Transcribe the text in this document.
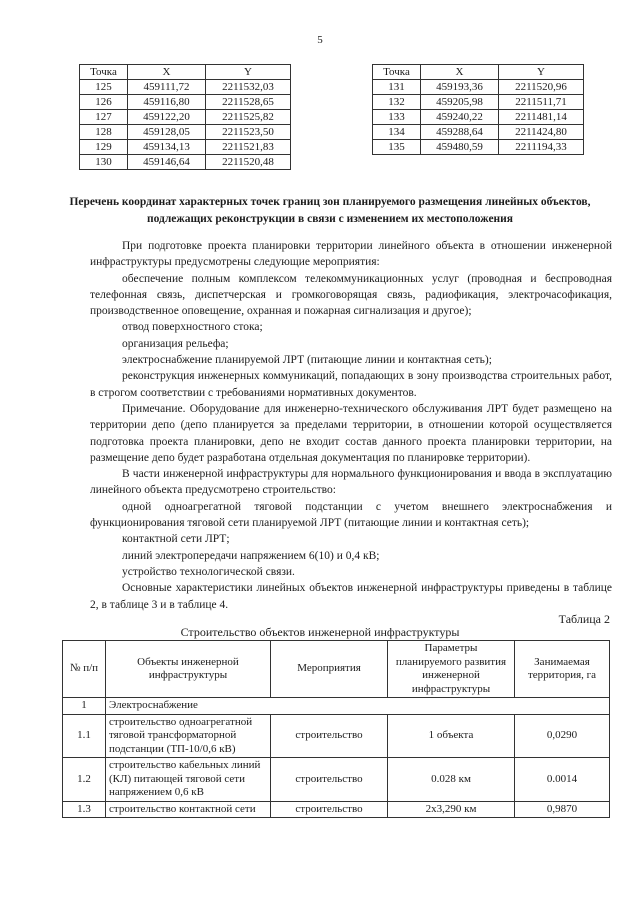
5
Точка	X	Y
125	459111,72	2211532,03
126	459116,80	2211528,65
127	459122,20	2211525,82
128	459128,05	2211523,50
129	459134,13	2211521,83
130	459146,64	2211520,48
Точка	X	Y
131	459193,36	2211520,96
132	459205,98	2211511,71
133	459240,22	2211481,14
134	459288,64	2211424,80
135	459480,59	2211194,33
Перечень координат характерных точек границ зон планируемого размещения линейных объектов, подлежащих реконструкции в связи с изменением их местоположения

При подготовке проекта планировки территории линейного объекта в отношении инженерной инфраструктуры предусмотрены следующие мероприятия:

обеспечение полным комплексом телекоммуникационных услуг (проводная и беспроводная телефонная связь, диспетчерская и громкоговорящая связь, радиофикация, электрочасофикация, производственное оповещение, охранная и пожарная сигнализация и другое);

отвод поверхностного стока;

организация рельефа;

электроснабжение планируемой ЛРТ (питающие линии и контактная сеть);

реконструкция инженерных коммуникаций, попадающих в зону производства строительных работ, в строгом соответствии с требованиями нормативных документов.

Примечание. Оборудование для инженерно-технического обслуживания ЛРТ будет размещено на территории депо (депо планируется за пределами территории, в отношении которой осуществляется подготовка проекта планировки, депо не входит состав данного проекта планировки территории, на размещение депо будет разработана отдельная документация по планировке территории).

В части инженерной инфраструктуры для нормального функционирования и ввода в эксплуатацию линейного объекта предусмотрено строительство:

одной одноагрегатной тяговой подстанции с учетом внешнего электроснабжения и функционирования тяговой сети планируемой ЛРТ (питающие линии и контактная сеть);

контактной сети ЛРТ;

линий электропередачи напряжением 6(10) и 0,4 кВ;

устройство технологической связи.

Основные характеристики линейных объектов инженерной инфраструктуры приведены в таблице 2, в таблице 3 и в таблице 4.

Таблица 2
Строительство объектов инженерной инфраструктуры
№ п/п	Объекты инженерной инфраструктуры	Мероприятия	Параметры планируемого развития инженерной инфраструктуры	Занимаемая территория, га
1	Электроснабжение			
1.1	строительство одноагрегатной тяговой трансформаторной подстанции (ТП-10/0,6 кВ)	строительство	1 объекта	0,0290
1.2	строительство кабельных линий (КЛ) питающей тяговой сети напряжением 0,6 кВ	строительство	0.028 км	0.0014
1.3	строительство контактной сети	строительство	2х3,290 км	0,9870
